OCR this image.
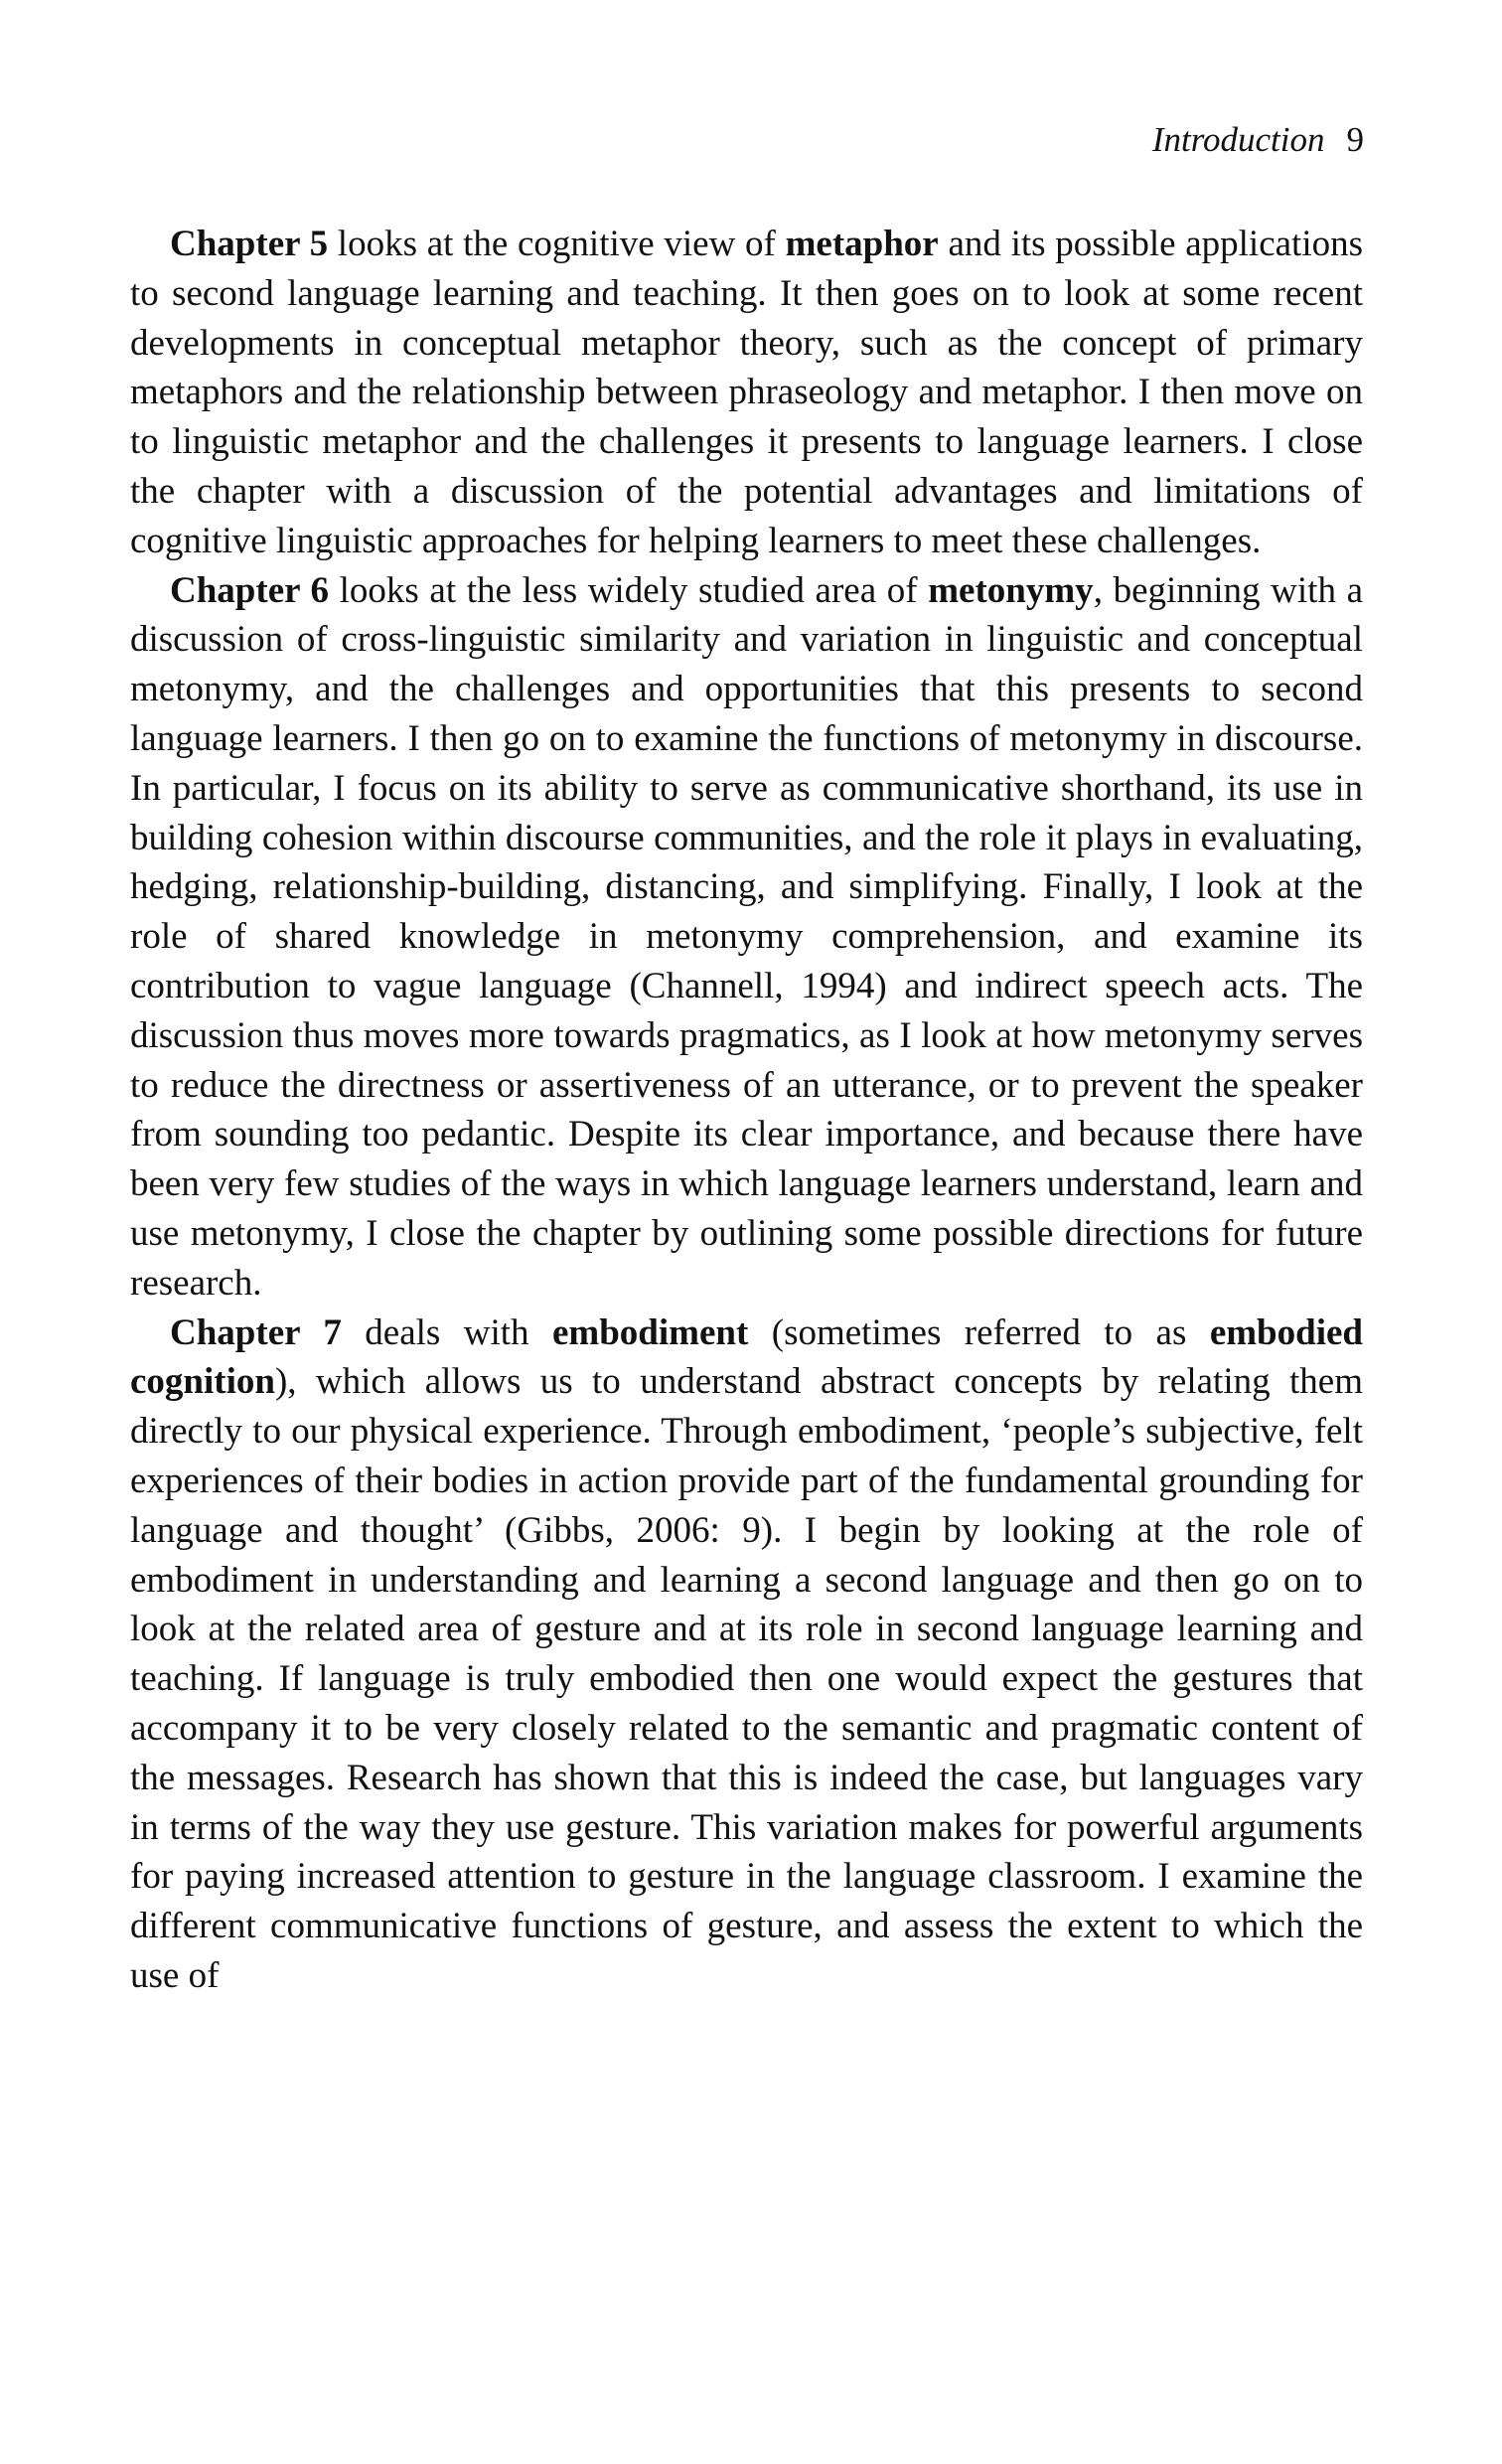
Introduction 9

Chapter 5 looks at the cognitive view of metaphor and its possible applications to second language learning and teaching. It then goes on to look at some recent developments in conceptual metaphor theory, such as the concept of primary metaphors and the relationship between phraseology and metaphor. I then move on to linguistic metaphor and the challenges it presents to language learners. I close the chapter with a discussion of the potential advantages and limitations of cognitive linguistic approaches for helping learners to meet these challenges.

Chapter 6 looks at the less widely studied area of metonymy, beginning with a discussion of cross-linguistic similarity and variation in linguistic and conceptual metonymy, and the challenges and opportunities that this presents to second language learners. I then go on to examine the functions of metonymy in discourse. In particular, I focus on its ability to serve as communicative shorthand, its use in building cohesion within discourse communities, and the role it plays in evaluating, hedging, relationship-building, distancing, and simplifying. Finally, I look at the role of shared knowledge in metonymy comprehension, and examine its contribution to vague language (Channell, 1994) and indirect speech acts. The discussion thus moves more towards pragmatics, as I look at how metonymy serves to reduce the directness or assertiveness of an utterance, or to prevent the speaker from sounding too pedantic. Despite its clear importance, and because there have been very few studies of the ways in which language learners understand, learn and use metonymy, I close the chapter by outlining some possible directions for future research.

Chapter 7 deals with embodiment (sometimes referred to as embodied cognition), which allows us to understand abstract concepts by relating them directly to our physical experience. Through embodiment, ‘people’s subjective, felt experiences of their bodies in action provide part of the fundamental grounding for language and thought’ (Gibbs, 2006: 9). I begin by looking at the role of embodiment in understanding and learning a second language and then go on to look at the related area of gesture and at its role in second language learning and teaching. If language is truly embodied then one would expect the gestures that accompany it to be very closely related to the semantic and pragmatic content of the messages. Research has shown that this is indeed the case, but languages vary in terms of the way they use gesture. This variation makes for powerful arguments for paying increased attention to gesture in the language classroom. I examine the different communicative functions of gesture, and assess the extent to which the use of
